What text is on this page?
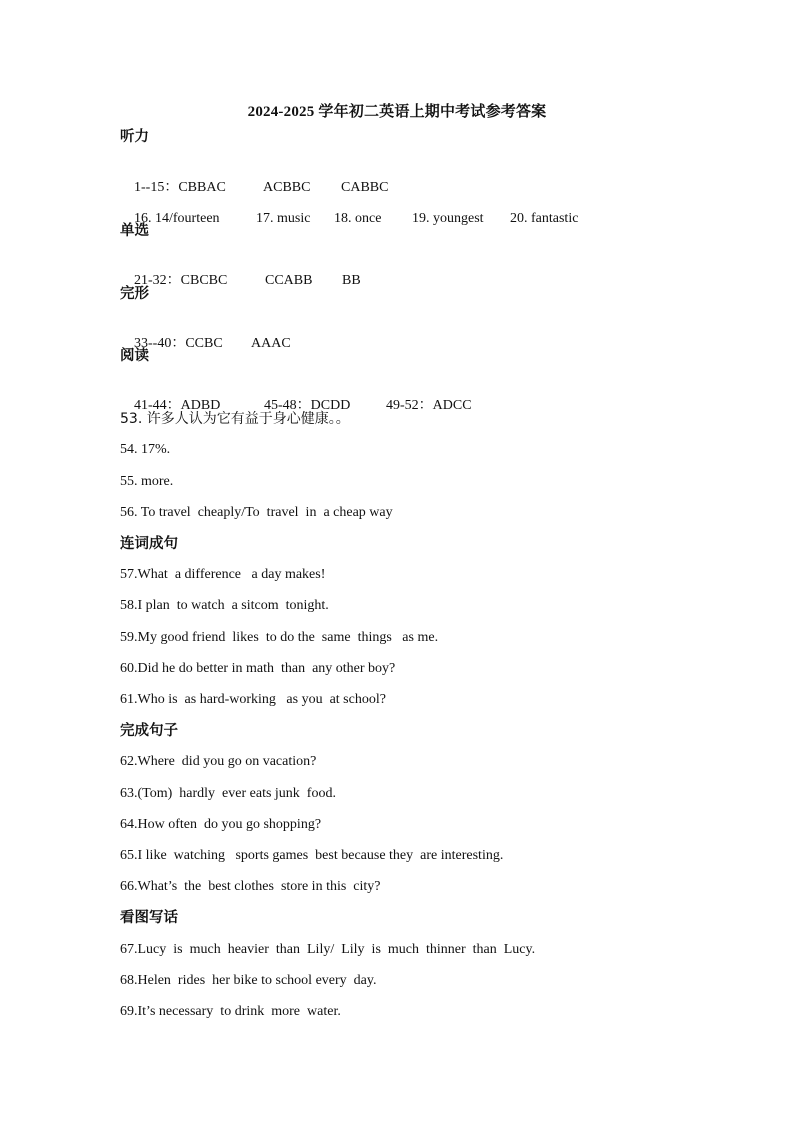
2024-2025 学年初二英语上期中考试参考答案
听力

1--15：CBBAC	ACBBC CABBC

16. 14/fourteen	17. music 18. once 19. youngest 20. fantastic

单选

21-32：CBCBC	CCABB BB

完形

33--40：CCBC AAAC

阅读

41-44：ADBD	45-48：DCDD	49-52：ADCC

53. 许多人认为它有益于身心健康。。
54. 17%.
55. more.
56. To travel  cheaply/To  travel  in  a cheap way
连词成句
57.What  a difference   a day makes!
58.I plan  to watch  a sitcom  tonight.
59.My good friend  likes  to do the  same  things   as me.
60.Did he do better in math  than  any other boy?
61.Who is  as hard-working   as you  at school?
完成句子
62.Where  did you go on vacation?
63.(Tom)  hardly  ever eats junk  food.
64.How often  do you go shopping?
65.I like  watching   sports games  best because they  are interesting.
66.What’s  the  best clothes  store in this  city?
看图写话
67.Lucy  is  much  heavier  than  Lily/  Lily  is  much  thinner  than  Lucy.
68.Helen  rides  her bike to school every  day.
69.It’s necessary  to drink  more  water.
